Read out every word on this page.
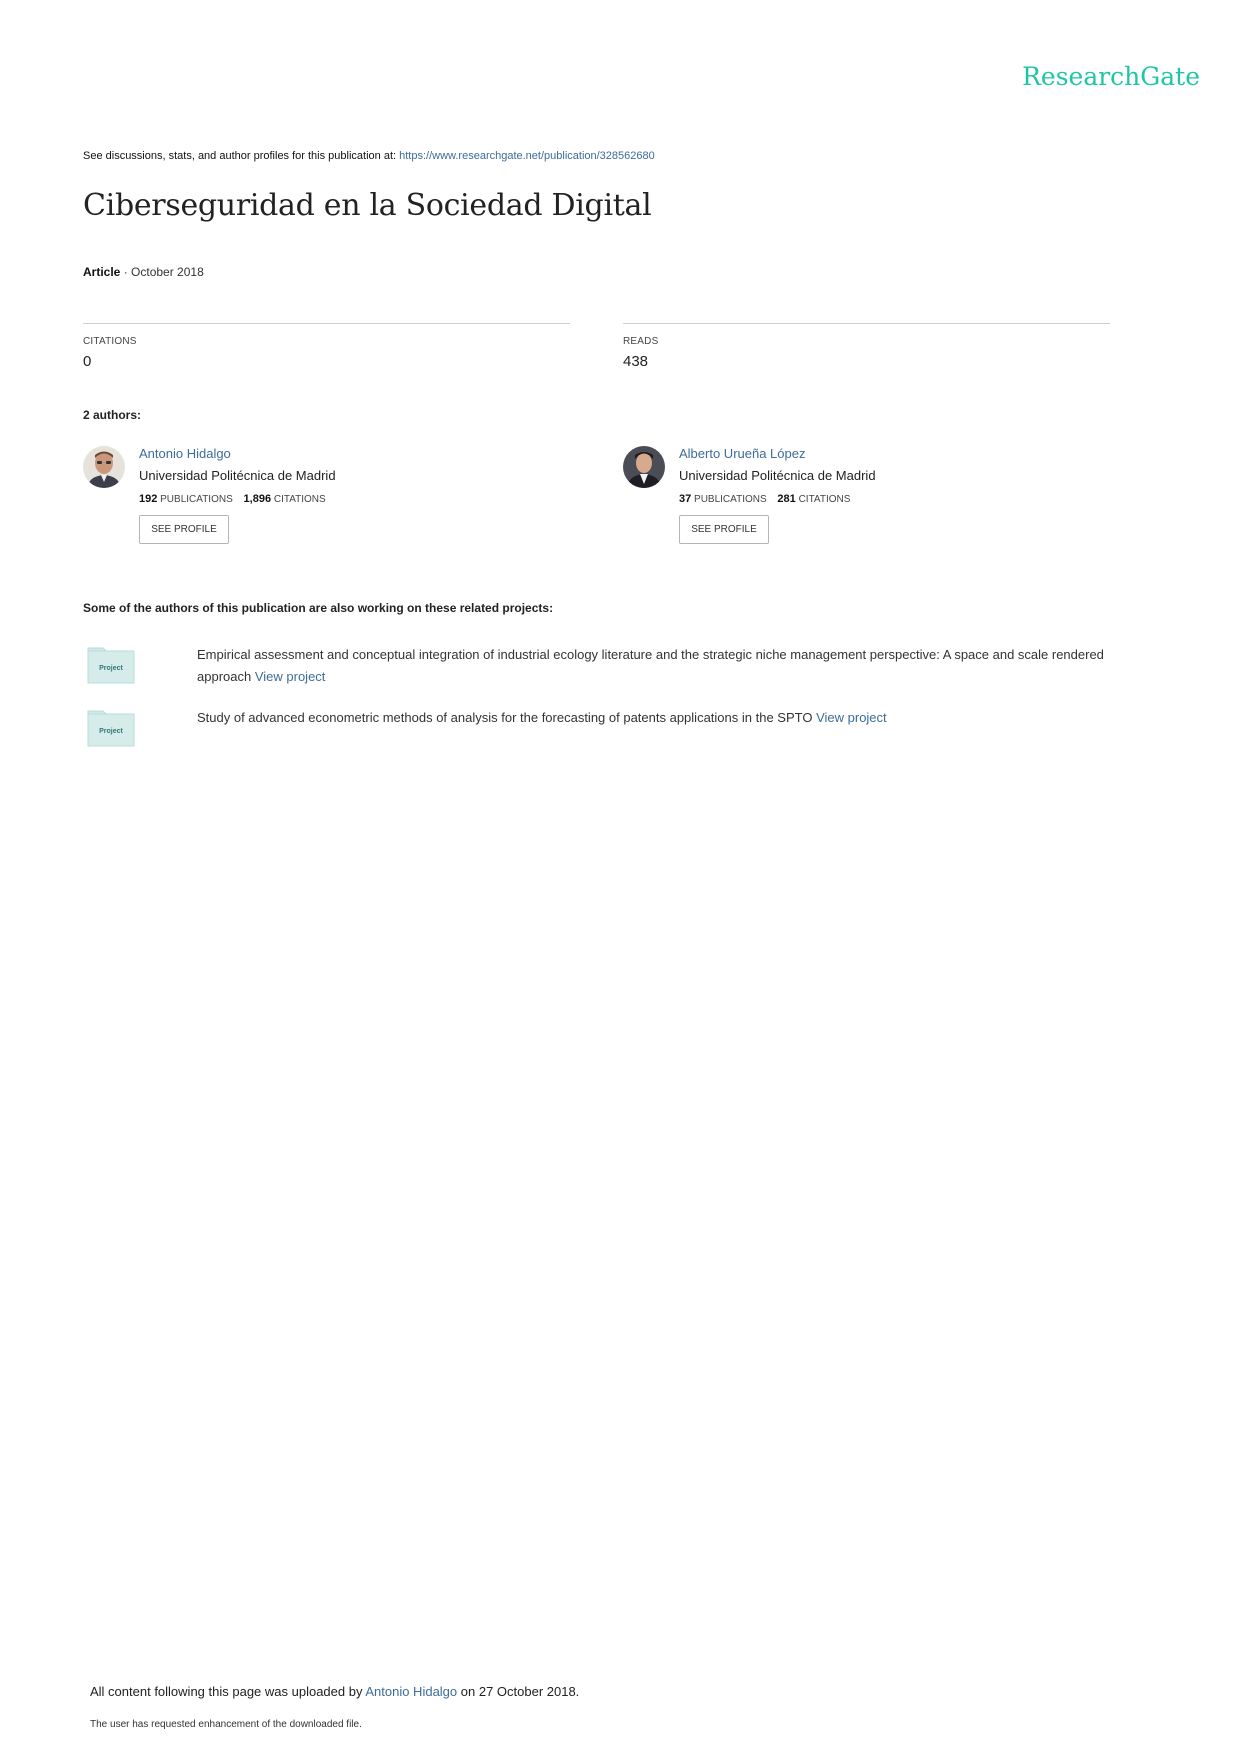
ResearchGate
See discussions, stats, and author profiles for this publication at: https://www.researchgate.net/publication/328562680
Ciberseguridad en la Sociedad Digital
Article · October 2018
CITATIONS
0
READS
438
2 authors:
Antonio Hidalgo
Universidad Politécnica de Madrid
192 PUBLICATIONS 1,896 CITATIONS
SEE PROFILE
Alberto Urueña López
Universidad Politécnica de Madrid
37 PUBLICATIONS 281 CITATIONS
SEE PROFILE
Some of the authors of this publication are also working on these related projects:
Project
Empirical assessment and conceptual integration of industrial ecology literature and the strategic niche management perspective: A space and scale rendered approach View project
Project
Study of advanced econometric methods of analysis for the forecasting of patents applications in the SPTO View project
All content following this page was uploaded by Antonio Hidalgo on 27 October 2018.
The user has requested enhancement of the downloaded file.
